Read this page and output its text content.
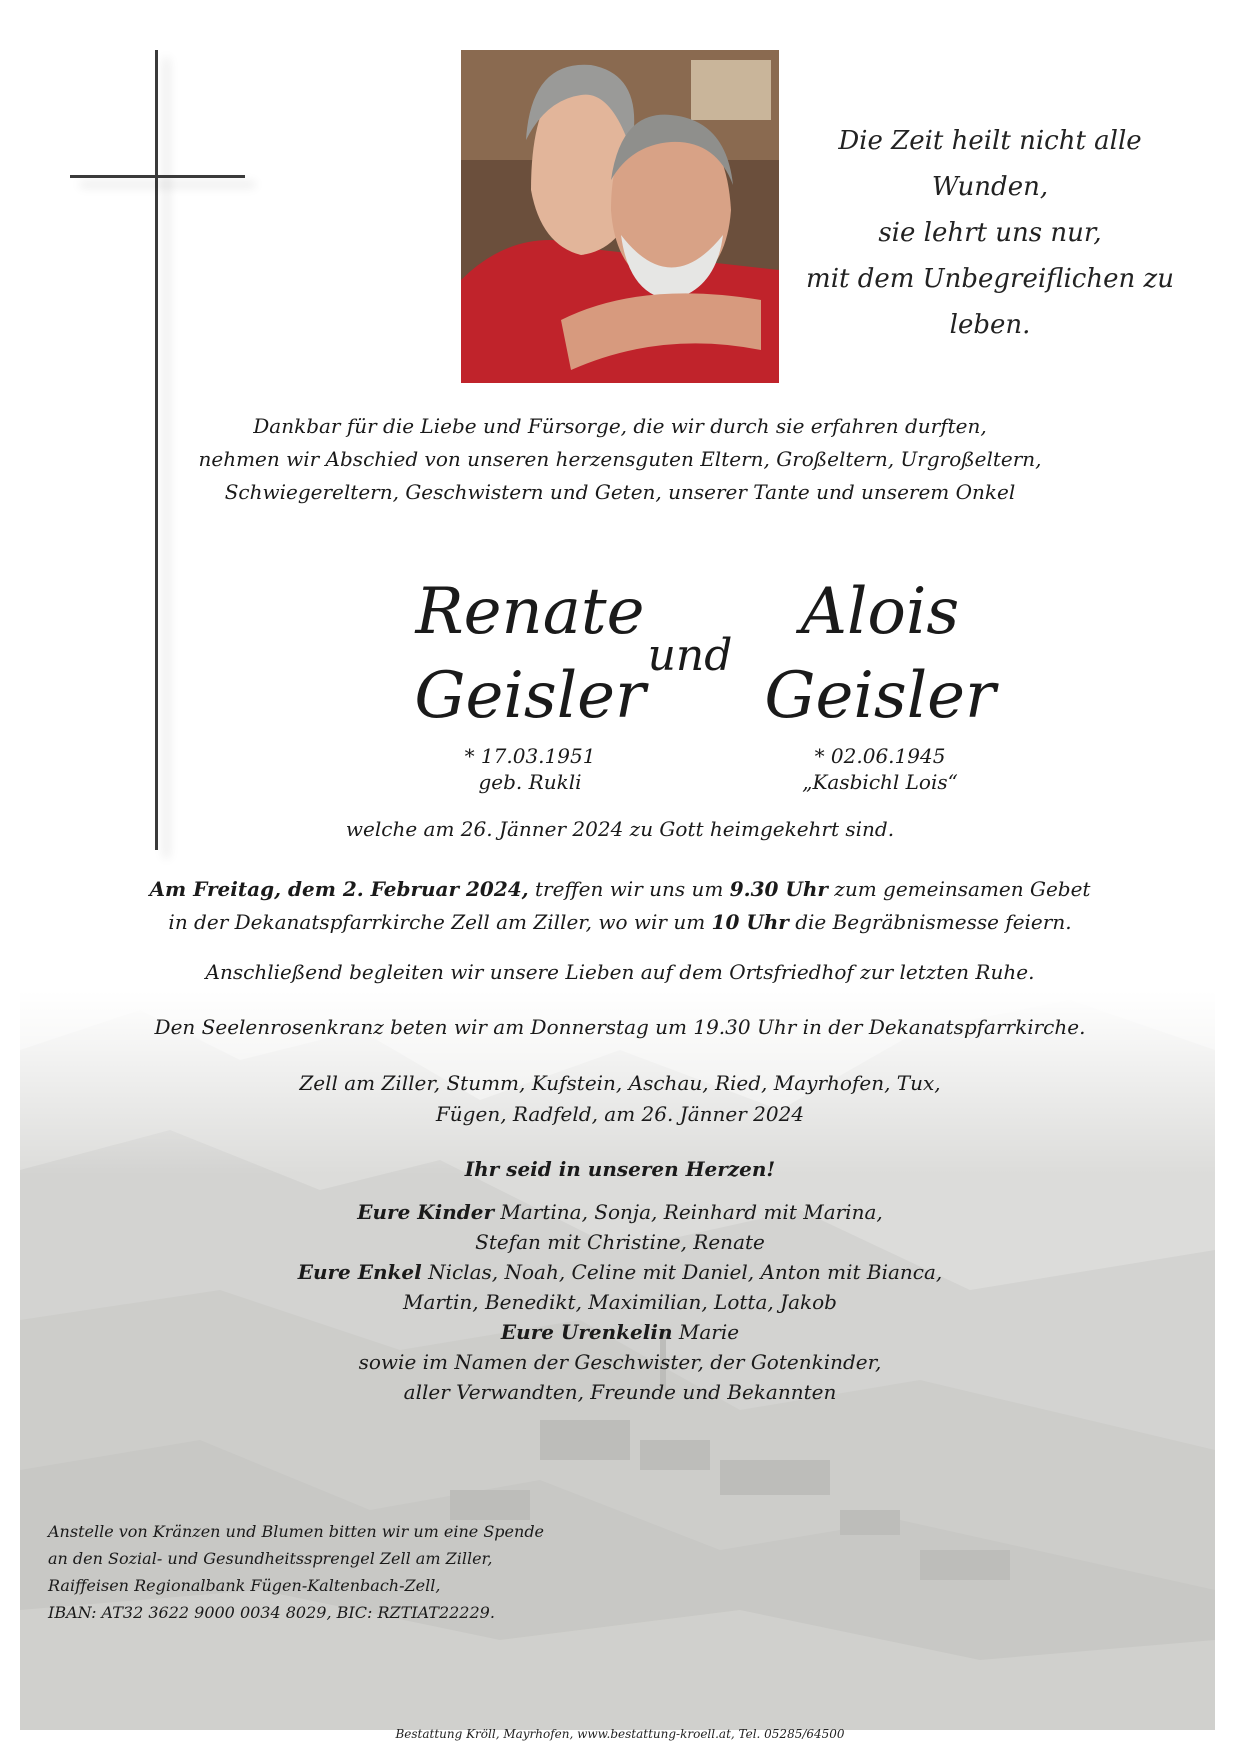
Die Zeit heilt nicht alle Wunden,
sie lehrt uns nur,
mit dem Unbegreiflichen zu leben.
Dankbar für die Liebe und Fürsorge, die wir durch sie erfahren durften,
nehmen wir Abschied von unseren herzensguten Eltern, Großeltern, Urgroßeltern,
Schwiegereltern, Geschwistern und Geten, unserer Tante und unserem Onkel
Renate
Geisler
und
Alois
Geisler
* 17.03.1951
geb. Rukli
* 02.06.1945
„Kasbichl Lois“
welche am 26. Jänner 2024 zu Gott heimgekehrt sind.
Am Freitag, dem 2. Februar 2024, treffen wir uns um 9.30 Uhr zum gemeinsamen Gebet
in der Dekanatspfarrkirche Zell am Ziller, wo wir um 10 Uhr die Begräbnismesse feiern.
Anschließend begleiten wir unsere Lieben auf dem Ortsfriedhof zur letzten Ruhe.
Den Seelenrosenkranz beten wir am Donnerstag um 19.30 Uhr in der Dekanatspfarrkirche.
Zell am Ziller, Stumm, Kufstein, Aschau, Ried, Mayrhofen, Tux,
Fügen, Radfeld, am 26. Jänner 2024
Ihr seid in unseren Herzen!
Eure Kinder Martina, Sonja, Reinhard mit Marina,
Stefan mit Christine, Renate
Eure Enkel Niclas, Noah, Celine mit Daniel, Anton mit Bianca,
Martin, Benedikt, Maximilian, Lotta, Jakob
Eure Urenkelin Marie
sowie im Namen der Geschwister, der Gotenkinder,
aller Verwandten, Freunde und Bekannten
Anstelle von Kränzen und Blumen bitten wir um eine Spende
an den Sozial- und Gesundheitssprengel Zell am Ziller,
Raiffeisen Regionalbank Fügen-Kaltenbach-Zell,
IBAN: AT32 3622 9000 0034 8029, BIC: RZTIAT22229.
Bestattung Kröll, Mayrhofen, www.bestattung-kroell.at, Tel. 05285/64500
